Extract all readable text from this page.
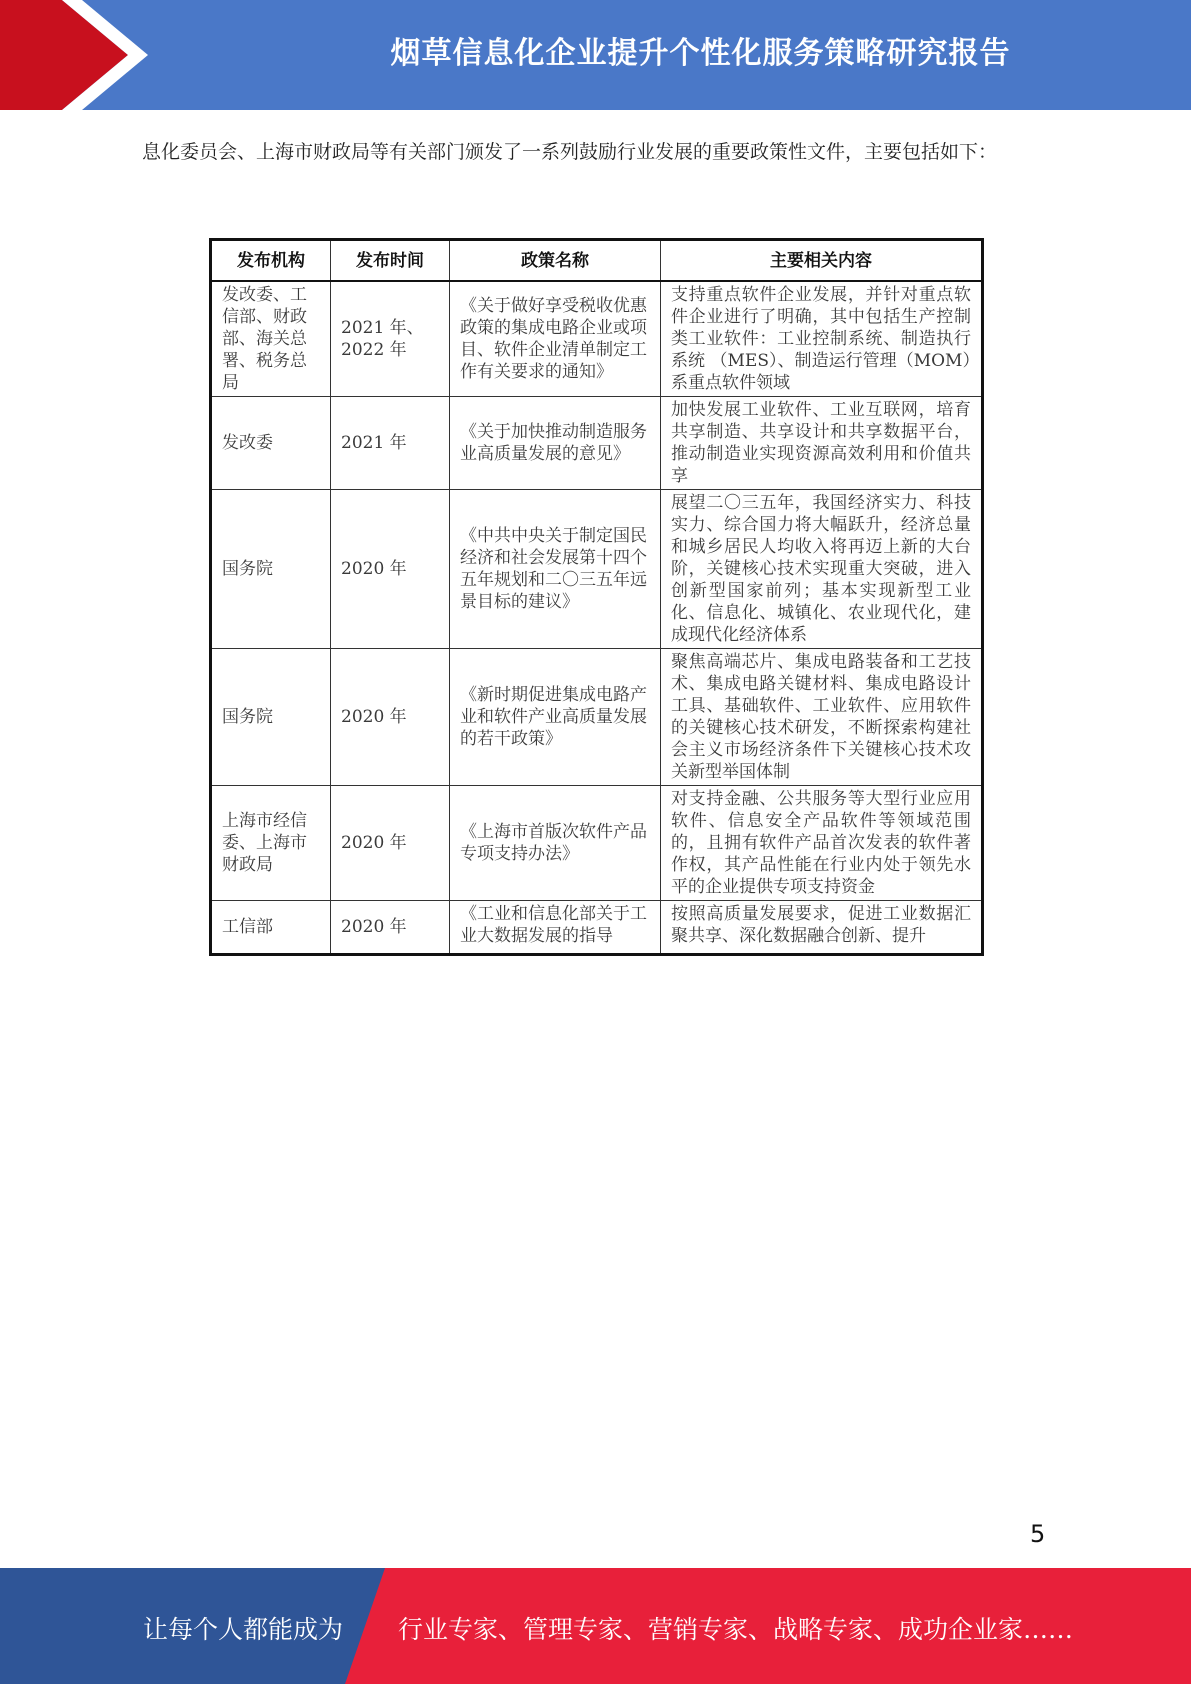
烟草信息化企业提升个性化服务策略研究报告
息化委员会、上海市财政局等有关部门颁发了一系列鼓励行业发展的重要政策性文件，主要包括如下：
发布机构	发布时间	政策名称	主要相关内容
发改委、工信部、财政部、海关总署、税务总局	2021 年、2022 年	《关于做好享受税收优惠政策的集成电路企业或项目、软件企业清单制定工作有关要求的通知》	支持重点软件企业发展，并针对重点软件企业进行了明确，其中包括生产控制类工业软件：工业控制系统、制造执行系统 （MES）、制造运行管理（MOM）系重点软件领域
发改委	2021 年	《关于加快推动制造服务业高质量发展的意见》	加快发展工业软件、工业互联网，培育共享制造、共享设计和共享数据平台，推动制造业实现资源高效利用和价值共享
国务院	2020 年	《中共中央关于制定国民经济和社会发展第十四个五年规划和二〇三五年远景目标的建议》	展望二〇三五年，我国经济实力、科技实力、综合国力将大幅跃升，经济总量和城乡居民人均收入将再迈上新的大台阶，关键核心技术实现重大突破，进入创新型国家前列；基本实现新型工业化、信息化、城镇化、农业现代化，建成现代化经济体系
国务院	2020 年	《新时期促进集成电路产业和软件产业高质量发展的若干政策》	聚焦高端芯片、集成电路装备和工艺技术、集成电路关键材料、集成电路设计工具、基础软件、工业软件、应用软件的关键核心技术研发，不断探索构建社会主义市场经济条件下关键核心技术攻关新型举国体制
上海市经信委、上海市财政局	2020 年	《上海市首版次软件产品专项支持办法》	对支持金融、公共服务等大型行业应用软件、信息安全产品软件等领域范围的，且拥有软件产品首次发表的软件著作权，其产品性能在行业内处于领先水平的企业提供专项支持资金
工信部	2020 年	《工业和信息化部关于工业大数据发展的指导	按照高质量发展要求，促进工业数据汇聚共享、深化数据融合创新、提升
5
让每个人都能成为 行业专家、管理专家、营销专家、战略专家、成功企业家……
